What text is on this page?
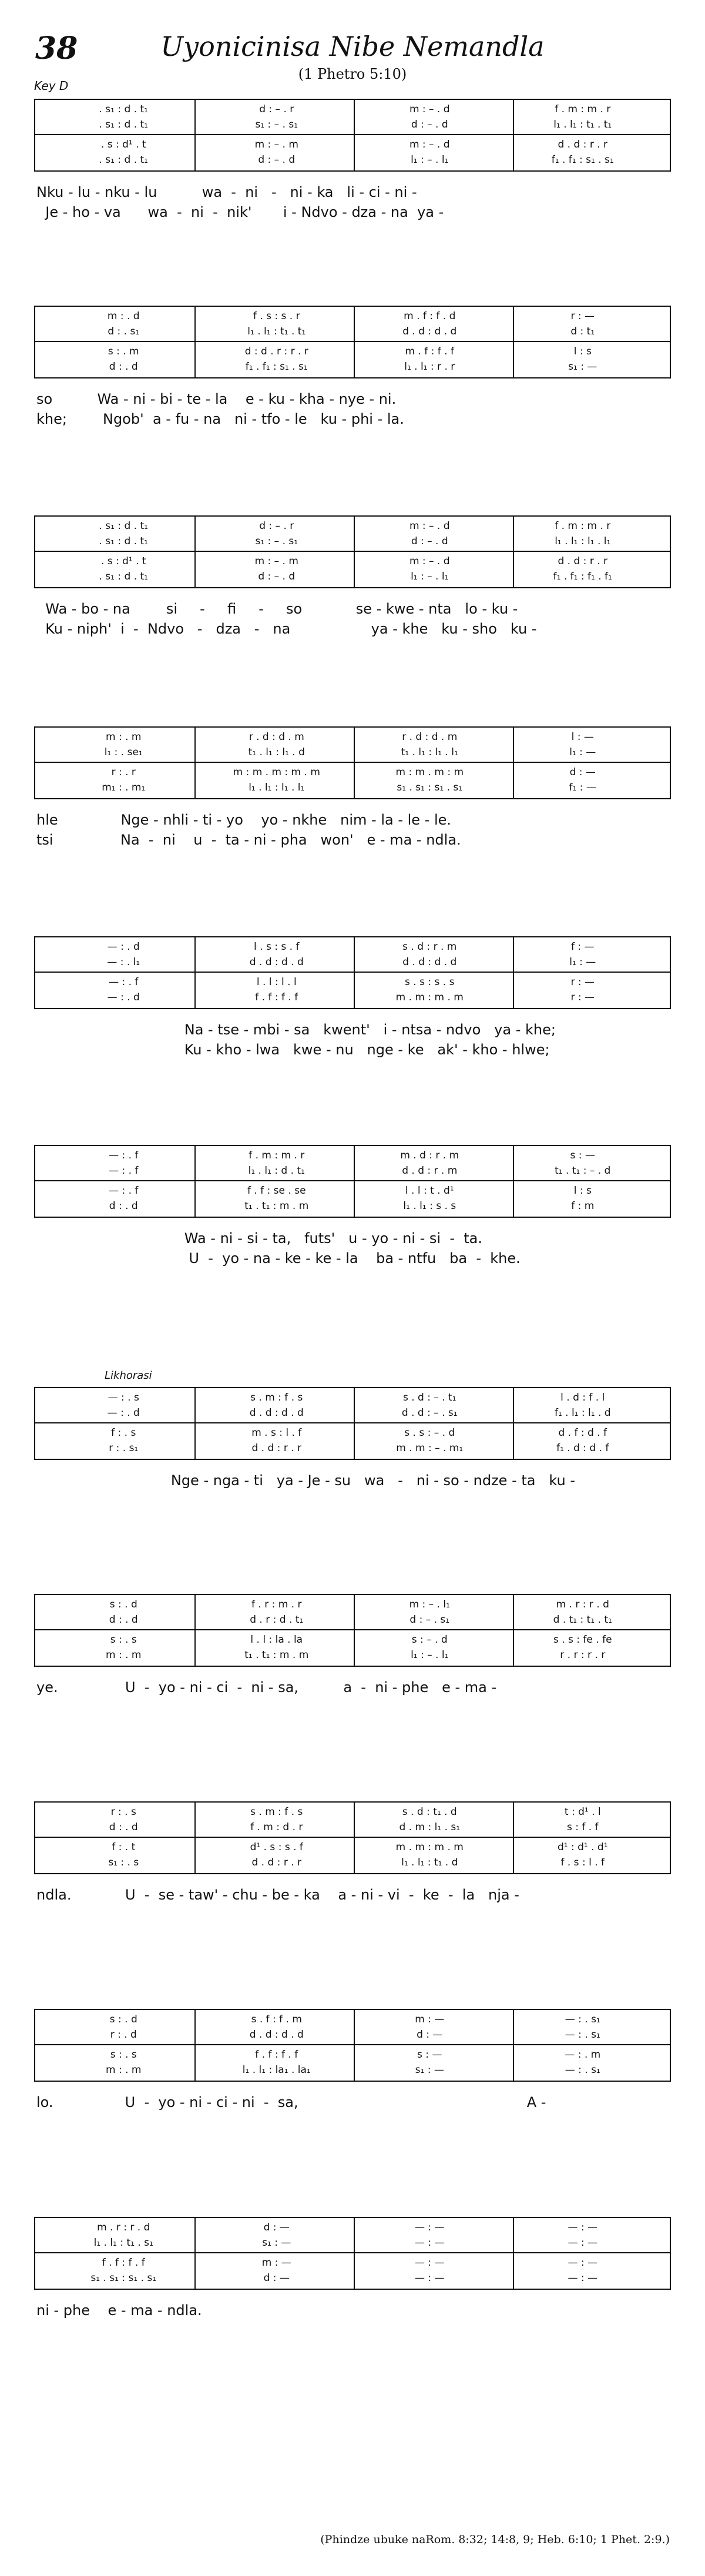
38	Uyonicinisa Nibe Nemandla
(1 Phetro 5:10)
Key D
. s₁ : d . t₁	d : – . r	m : – . d	f . m : m . r
. s₁ : d . t₁	s₁ : – . s₁	d : – . d	l₁ . l₁ : t₁ . t₁
. s : d¹ . t	m : – . m	m : – . d	d . d : r . r
. s₁ : d . t₁	d : – . d	l₁ : – . l₁	f₁ . f₁ : s₁ . s₁
Nku - lu - nku - lu          wa  -  ni   -   ni - ka   li - ci - ni -
Je - ho - va      wa  -  ni  -  nik'       i - Ndvo - dza - na  ya -
m : . d	f . s : s . r	m . f : f . d	r : —
d : . s₁	l₁ . l₁ : t₁ . t₁	d . d : d . d	d : t₁
s : . m	d : d . r : r . r	m . f : f . f	l : s
d : . d	f₁ . f₁ : s₁ . s₁	l₁ . l₁ : r . r	s₁ : —
so          Wa - ni - bi - te - la    e - ku - kha - nye - ni.
khe;        Ngob'  a - fu - na   ni - tfo - le   ku - phi - la.
. s₁ : d . t₁	d : – . r	m : – . d	f . m : m . r
. s₁ : d . t₁	s₁ : – . s₁	d : – . d	l₁ . l₁ : l₁ . l₁
. s : d¹ . t	m : – . m	m : – . d	d . d : r . r
. s₁ : d . t₁	d : – . d	l₁ : – . l₁	f₁ . f₁ : f₁ . f₁
Wa - bo - na        si     -     fi     -     so            se - kwe - nta   lo - ku -
Ku - niph'  i  -  Ndvo   -   dza   -   na                  ya - khe   ku - sho   ku -
m : . m	r . d : d . m	r . d : d . m	l : —
l₁ : . se₁	t₁ . l₁ : l₁ . d	t₁ . l₁ : l₁ . l₁	l₁ : —
r : . r	m : m . m : m . m	m : m . m : m	d : —
m₁ : . m₁	l₁ . l₁ : l₁ . l₁	s₁ . s₁ : s₁ . s₁	f₁ : —
hle              Nge - nhli - ti - yo    yo - nkhe   nim - la - le - le.
tsi               Na  -  ni    u  -  ta - ni - pha   won'   e - ma - ndla.
— : . d	l . s : s . f	s . d : r . m	f : —
— : . l₁	d . d : d . d	d . d : d . d	l₁ : —
— : . f	l . l : l . l	s . s : s . s	r : —
— : . d	f . f : f . f	m . m : m . m	r : —
Na - tse - mbi - sa   kwent'   i - ntsa - ndvo   ya - khe;
Ku - kho - lwa   kwe - nu   nge - ke   ak' - kho - hlwe;
— : . f	f . m : m . r	m . d : r . m	s : —
— : . f	l₁ . l₁ : d . t₁	d . d : r . m	t₁ . t₁ : – . d
— : . f	f . f : se . se	l . l : t . d¹	l : s
d : . d	t₁ . t₁ : m . m	l₁ . l₁ : s . s	f : m
Wa - ni - si - ta,   futs'   u - yo - ni - si  -  ta.
U  -  yo - na - ke - ke - la    ba - ntfu   ba  -  khe.
Likhorasi
— : . s	s . m : f . s	s . d : – . t₁	l . d : f . l
— : . d	d . d : d . d	d . d : – . s₁	f₁ . l₁ : l₁ . d
f : . s	m . s : l . f	s . s : – . d	d . f : d . f
r : . s₁	d . d : r . r	m . m : – . m₁	f₁ . d : d . f
Nge - nga - ti   ya - Je - su   wa   -   ni - so - ndze - ta   ku -
s : . d	f . r : m . r	m : – . l₁	m . r : r . d
d : . d	d . r : d . t₁	d : – . s₁	d . t₁ : t₁ . t₁
s : . s	l . l : la . la	s : – . d	s . s : fe . fe
m : . m	t₁ . t₁ : m . m	l₁ : – . l₁	r . r : r . r
ye.               U  -  yo - ni - ci  -  ni - sa,          a  -  ni - phe   e - ma -
r : . s	s . m : f . s	s . d : t₁ . d	t : d¹ . l
d : . d	f . m : d . r	d . m : l₁ . s₁	s : f . f
f : . t	d¹ . s : s . f	m . m : m . m	d¹ : d¹ . d¹
s₁ : . s	d . d : r . r	l₁ . l₁ : t₁ . d	f . s : l . f
ndla.            U  -  se - taw' - chu - be - ka    a - ni - vi  -  ke  -  la   nja -
s : . d	s . f : f . m	m : —	— : . s₁
r : . d	d . d : d . d	d : —	— : . s₁
s : . s	f . f : f . f	s : —	— : . m
m : . m	l₁ . l₁ : la₁ . la₁	s₁ : —	— : . s₁
lo.                U  -  yo - ni - ci - ni  -  sa,                                                   A -
m . r : r . d	d : —	— : —	— : —
l₁ . l₁ : t₁ . s₁	s₁ : —	— : —	— : —
f . f : f . f	m : —	— : —	— : —
s₁ . s₁ : s₁ . s₁	d : —	— : —	— : —
ni - phe    e - ma - ndla.
(Phindze ubuke naRom. 8:32; 14:8, 9; Heb. 6:10; 1 Phet. 2:9.)
